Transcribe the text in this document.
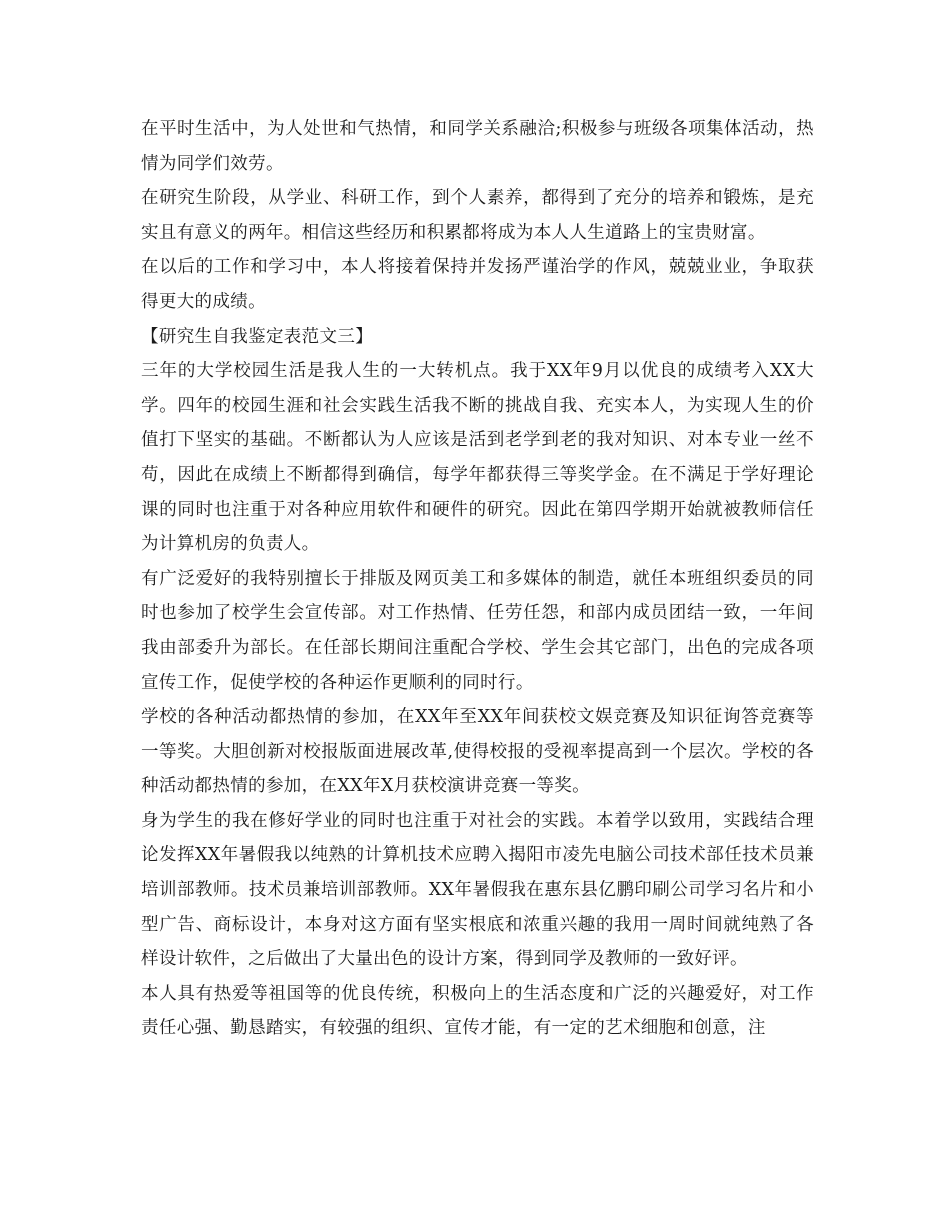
在平时生活中，为人处世和气热情，和同学关系融洽;积极参与班级各项集体活动，热情为同学们效劳。

在研究生阶段，从学业、科研工作，到个人素养，都得到了充分的培养和锻炼，是充实且有意义的两年。相信这些经历和积累都将成为本人人生道路上的宝贵财富。

在以后的工作和学习中，本人将接着保持并发扬严谨治学的作风，兢兢业业，争取获得更大的成绩。

【研究生自我鉴定表范文三】

三年的大学校园生活是我人生的一大转机点。我于XX年9月以优良的成绩考入XX大学。四年的校园生涯和社会实践生活我不断的挑战自我、充实本人，为实现人生的价值打下坚实的基础。不断都认为人应该是活到老学到老的我对知识、对本专业一丝不苟，因此在成绩上不断都得到确信，每学年都获得三等奖学金。在不满足于学好理论课的同时也注重于对各种应用软件和硬件的研究。因此在第四学期开始就被教师信任为计算机房的负责人。

有广泛爱好的我特别擅长于排版及网页美工和多媒体的制造，就任本班组织委员的同时也参加了校学生会宣传部。对工作热情、任劳任怨，和部内成员团结一致，一年间我由部委升为部长。在任部长期间注重配合学校、学生会其它部门，出色的完成各项宣传工作，促使学校的各种运作更顺利的同时行。

学校的各种活动都热情的参加，在XX年至XX年间获校文娱竞赛及知识征询答竞赛等一等奖。大胆创新对校报版面进展改革,使得校报的受视率提高到一个层次。学校的各种活动都热情的参加，在XX年X月获校演讲竞赛一等奖。

身为学生的我在修好学业的同时也注重于对社会的实践。本着学以致用，实践结合理论发挥XX年暑假我以纯熟的计算机技术应聘入揭阳市凌先电脑公司技术部任技术员兼培训部教师。技术员兼培训部教师。XX年暑假我在惠东县亿鹏印刷公司学习名片和小型广告、商标设计，本身对这方面有坚实根底和浓重兴趣的我用一周时间就纯熟了各样设计软件，之后做出了大量出色的设计方案，得到同学及教师的一致好评。

本人具有热爱等祖国等的优良传统，积极向上的生活态度和广泛的兴趣爱好，对工作责任心强、勤恳踏实，有较强的组织、宣传才能，有一定的艺术细胞和创意，注
